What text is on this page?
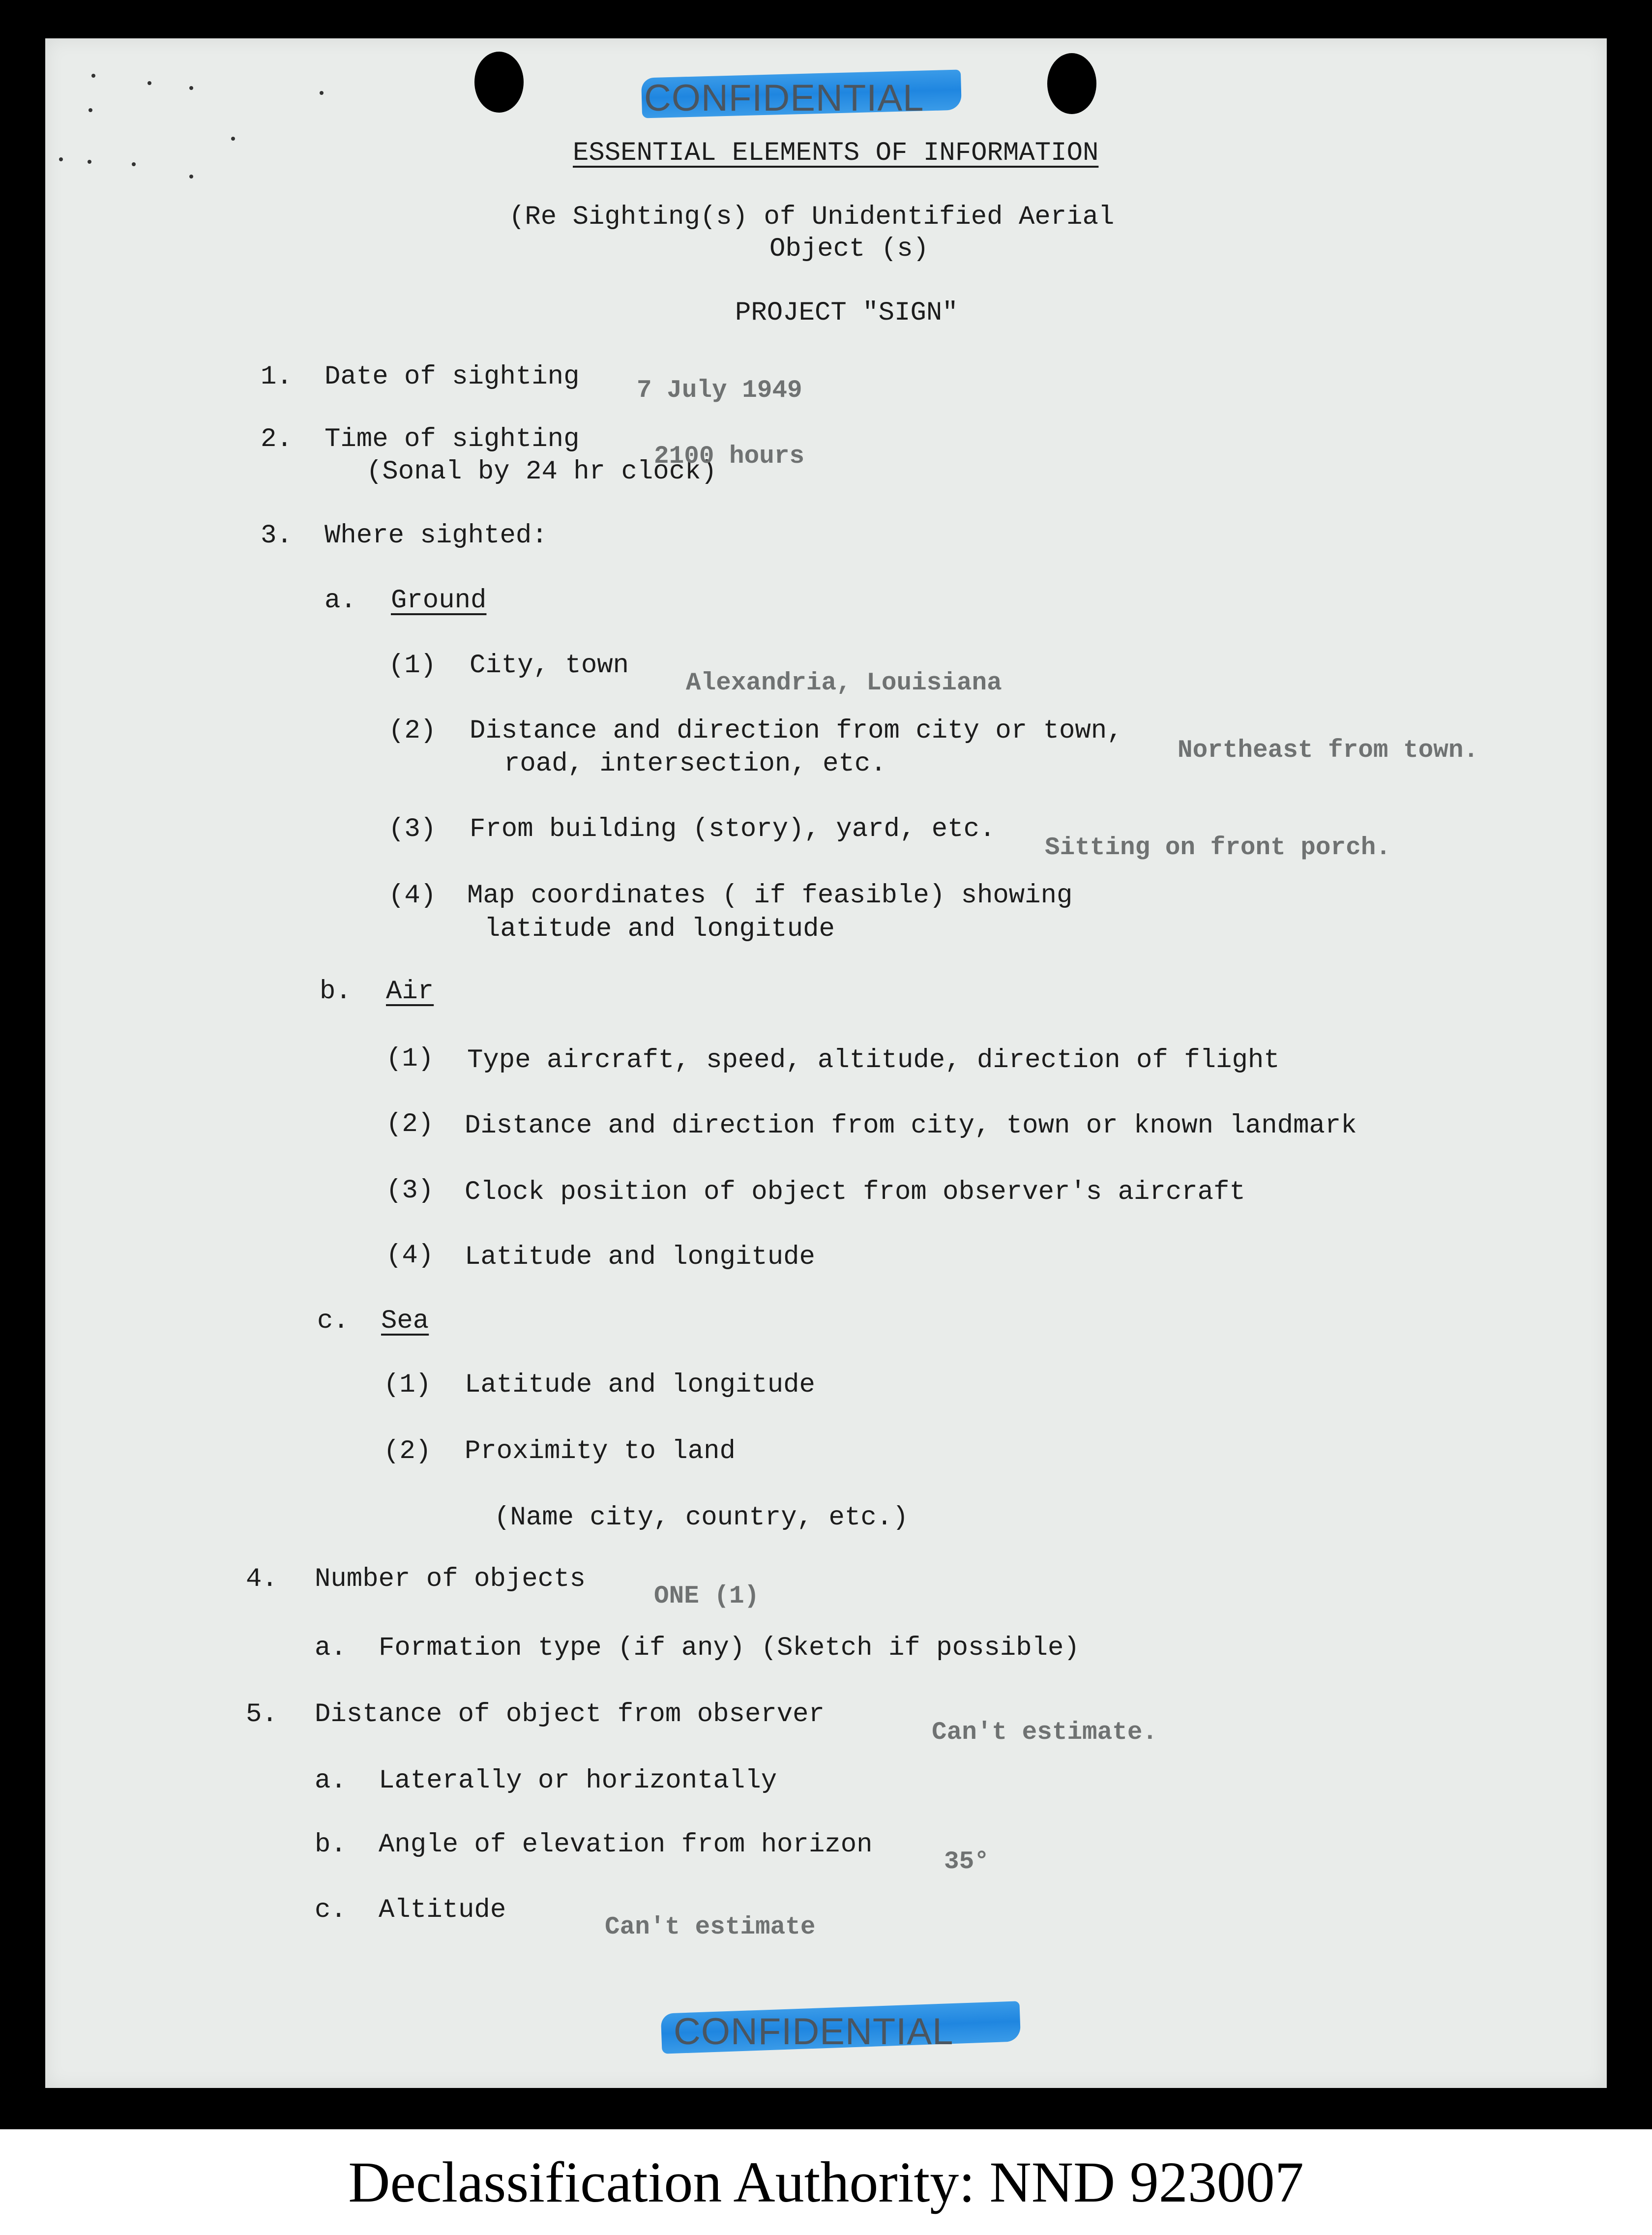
CONFIDENTIAL

ESSENTIAL ELEMENTS OF INFORMATION

(Re Sighting(s) of Unidentified Aerial

Object (s)

PROJECT "SIGN"

1. Date of sighting 7 July 1949

2. Time of sighting

(Sonal by 24 hr clock)

2100 hours

3. Where sighted:

a. Ground

(1) City, town

Alexandria, Louisiana

(2) Distance and direction from city or town,

road, intersection, etc.	Northeast from town.

(3) From building (story), yard, etc.

Sitting on front porch.

(4) Map coordinates ( if feasible) showing

latitude and longitude

b. Air

(1) Type aircraft, speed, altitude, direction of flight

(2) Distance and direction from city, town or known landmark

(3) Clock position of object from observer's aircraft

(4) Latitude and longitude

c. Sea

(1) Latitude and longitude

(2) Proximity to land

(Name city, country, etc.)

4. Number of objects

ONE (1)

a. Formation type (if any) (Sketch if possible)

5. Distance of object from observer

Can't estimate.

a. Laterally or horizontally

b. Angle of elevation from horizon

35°

c. Altitude

Can't estimate

CONFIDENTIAL

Declassification Authority: NND 923007
